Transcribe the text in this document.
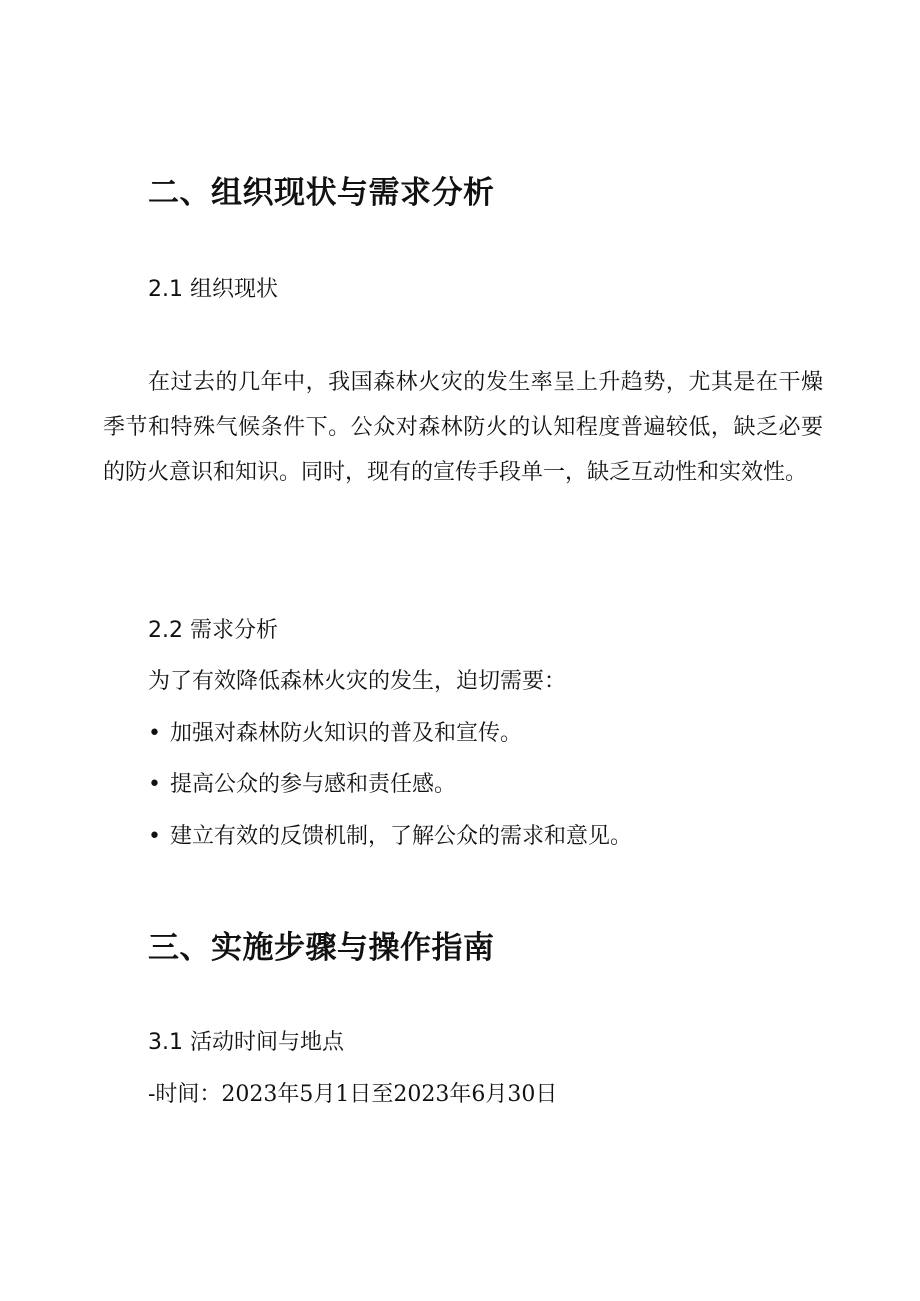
二、组织现状与需求分析
2.1 组织现状
在过去的几年中，我国森林火灾的发生率呈上升趋势，尤其是在干燥季节和特殊气候条件下。公众对森林防火的认知程度普遍较低，缺乏必要的防火意识和知识。同时，现有的宣传手段单一，缺乏互动性和实效性。
2.2 需求分析
为了有效降低森林火灾的发生，迫切需要：
• 加强对森林防火知识的普及和宣传。
• 提高公众的参与感和责任感。
• 建立有效的反馈机制，了解公众的需求和意见。
三、实施步骤与操作指南
3.1 活动时间与地点
-时间：2023年5月1日至2023年6月30日
